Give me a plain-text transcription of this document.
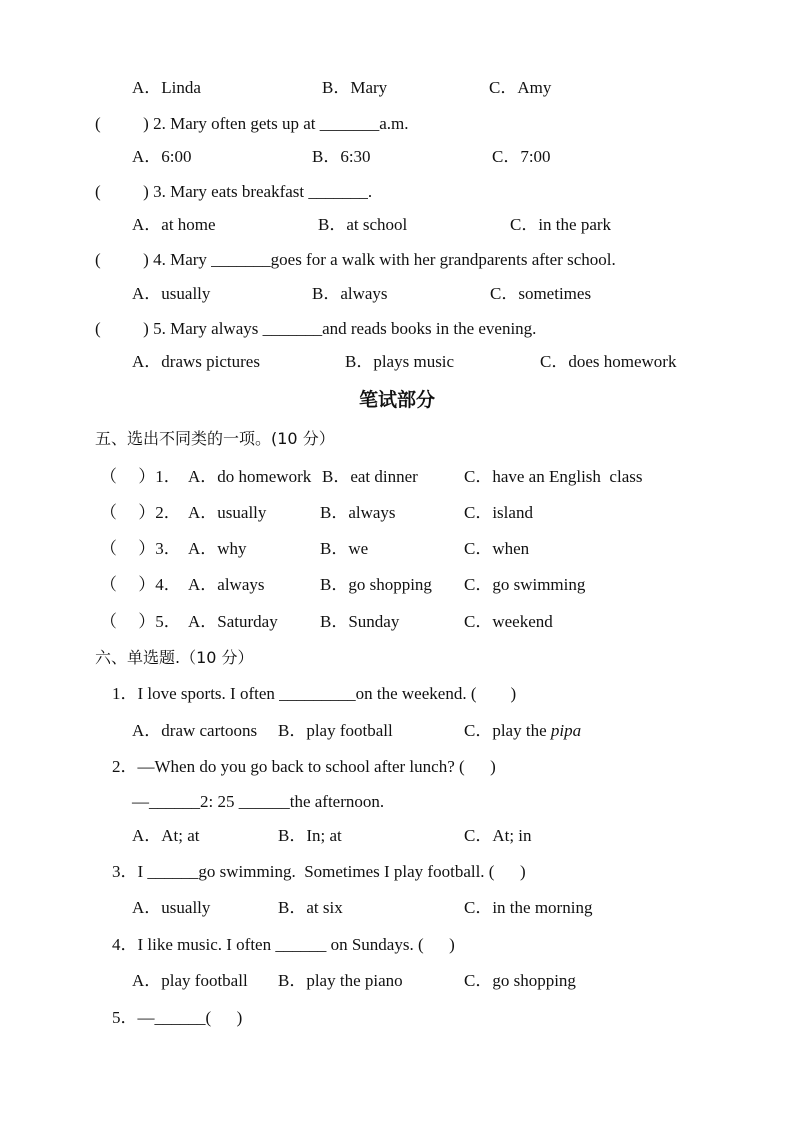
A．Linda	B．Mary	C．Amy
(          ) 2. Mary often gets up at _______a.m.
A．6:00	B．6:30	C．7:00
(          ) 3. Mary eats breakfast _______.
A．at home	B．at school	C．in the park
(          ) 4. Mary _______goes for a walk with her grandparents after school.
A．usually	B．always	C．sometimes
(          ) 5. Mary always _______and reads books in the evening.
A．draws pictures	B．plays music	C．does homework
笔试部分
五、选出不同类的一项。(10 分）
（     ）1． A．do homework B．eat dinner	C．have an English  class
（     ）2． A．usually	B．always	C．island
（     ）3． A．why	B．we	C．when
（     ）4． A．always	B．go shopping C．go swimming
（     ）5． A．Saturday B．Sunday	C．weekend
六、单选题.（10 分）
1．I love sports. I often _________on the weekend. (        )
A．draw cartoons B．play football	C．play the pipa
2．—When do you go back to school after lunch? (      )
—______2: 25 ______the afternoon.
A．At; at	B．In; at	C．At; in
3．I ______go swimming.  Sometimes I play football. (      )
A．usually	B．at six	C．in the morning
4．I like music. I often ______ on Sundays. (      )
A．play football B．play the piano	C．go shopping
5．—______(      )
